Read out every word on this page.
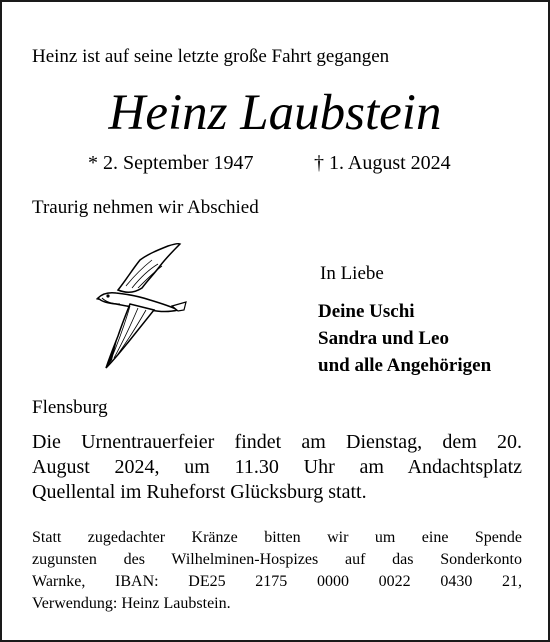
Heinz ist auf seine letzte große Fahrt gegangen
Heinz Laubstein
* 2. September 1947	† 1. August 2024
Traurig nehmen wir Abschied
In Liebe
Deine Uschi
Sandra und Leo
und alle Angehörigen
Flensburg
Die Urnentrauerfeier findet am Dienstag, dem 20.
August 2024, um 11.30 Uhr am Andachtsplatz
Quellental im Ruheforst Glücksburg statt.
Statt zugedachter Kränze bitten wir um eine Spende
zugunsten des Wilhelminen-Hospizes auf das Sonderkonto
Warnke, IBAN: DE25 2175 0000 0022 0430 21,
Verwendung: Heinz Laubstein.
